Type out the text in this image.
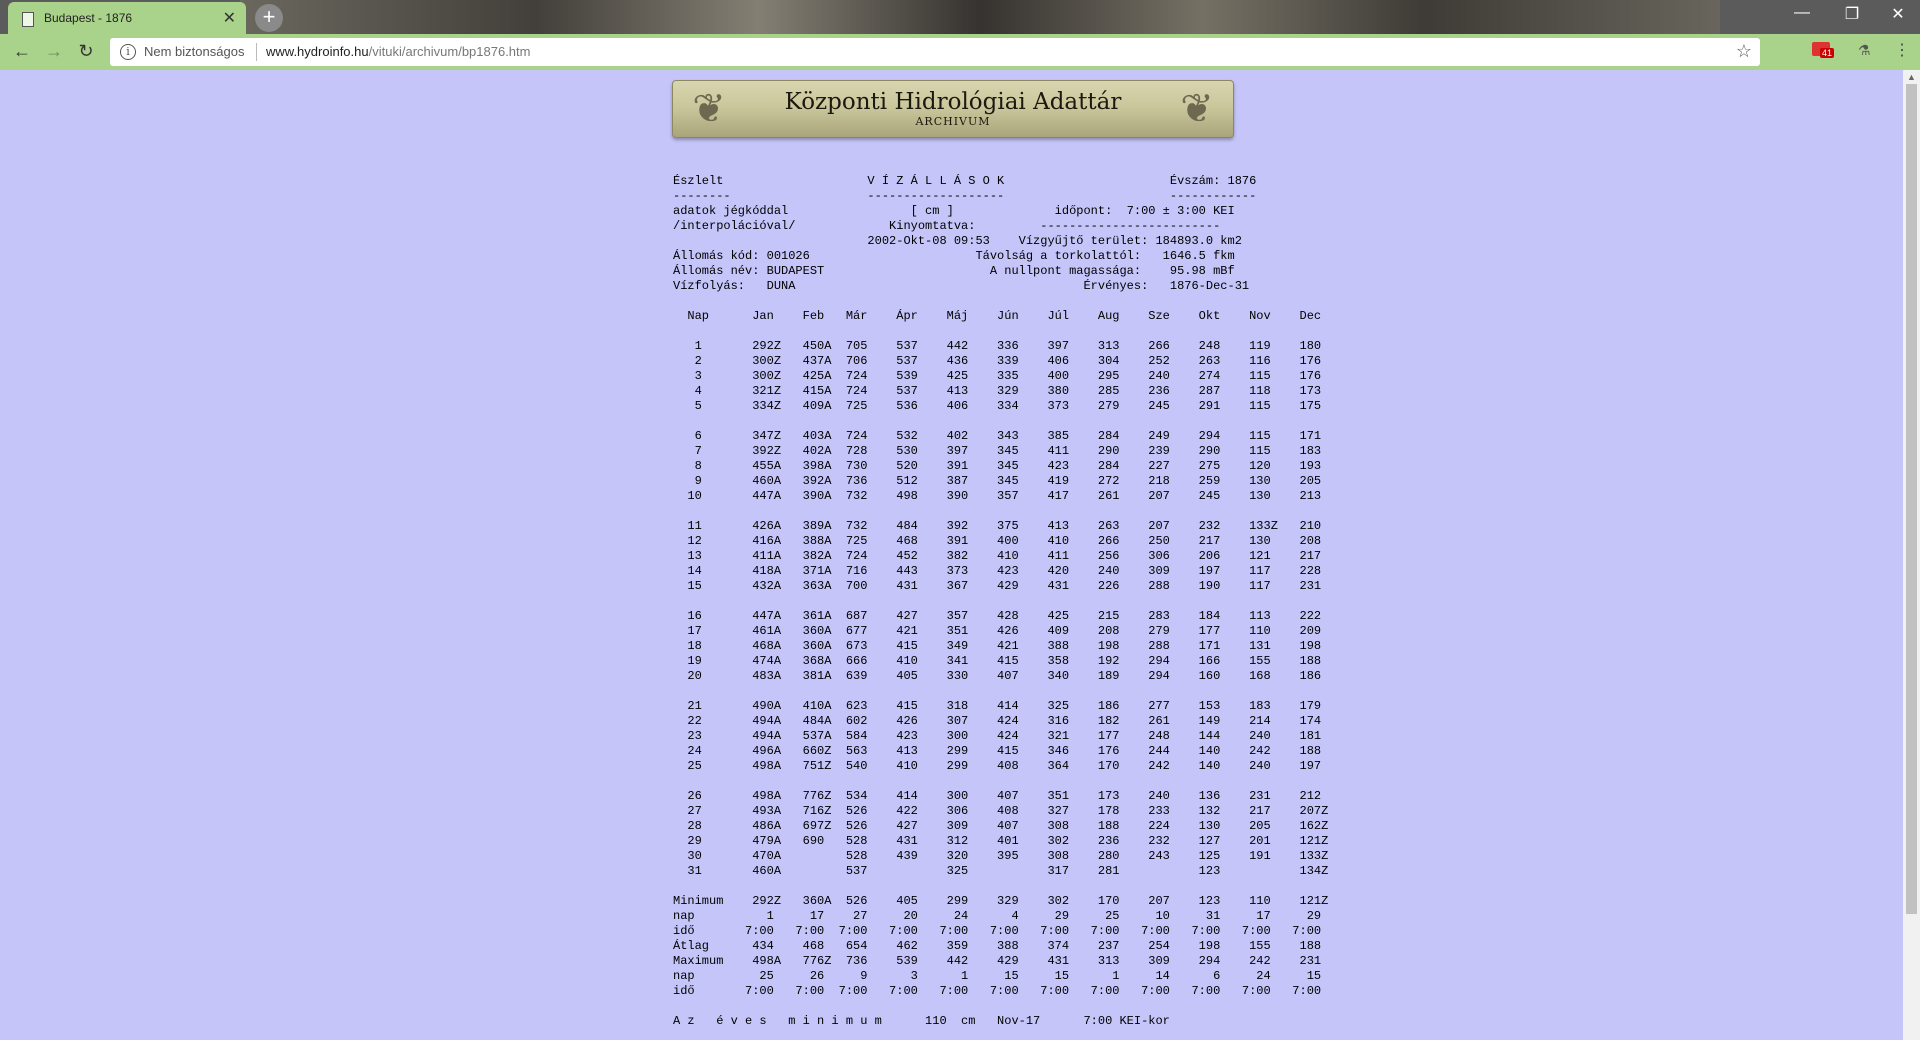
Budapest - 1876	✕	+	—	❐	✕
← → ↻	i	Nem biztonságos www.hydroinfo.hu/vituki/archivum/bp1876.htm	☆	41 ⚗	⋮
❦	❦
Központi Hidrológiai Adattár
ARCHIVUM
Észlelt                    V Í Z Á L L Á S O K                       Évszám: 1876
--------                   -------------------                       ------------
adatok jégkóddal                 [ cm ]              időpont:  7:00 ± 3:00 KEI
/interpolációval/             Kinyomtatva:         -------------------------
2002-Okt-08 09:53    Vízgyűjtő terület: 184893.0 km2
Állomás kód: 001026                       Távolság a torkolattól:   1646.5 fkm
Állomás név: BUDAPEST                       A nullpont magassága:    95.98 mBf
Vízfolyás:   DUNA                                        Érvényes:   1876-Dec-31

Nap      Jan    Feb   Már    Ápr    Máj    Jún    Júl    Aug    Sze    Okt    Nov    Dec

1       292Z   450A  705    537    442    336    397    313    266    248    119    180
2       300Z   437A  706    537    436    339    406    304    252    263    116    176
3       300Z   425A  724    539    425    335    400    295    240    274    115    176
4       321Z   415A  724    537    413    329    380    285    236    287    118    173
5       334Z   409A  725    536    406    334    373    279    245    291    115    175

6       347Z   403A  724    532    402    343    385    284    249    294    115    171
7       392Z   402A  728    530    397    345    411    290    239    290    115    183
8       455A   398A  730    520    391    345    423    284    227    275    120    193
9       460A   392A  736    512    387    345    419    272    218    259    130    205
10       447A   390A  732    498    390    357    417    261    207    245    130    213

11       426A   389A  732    484    392    375    413    263    207    232    133Z   210
12       416A   388A  725    468    391    400    410    266    250    217    130    208
13       411A   382A  724    452    382    410    411    256    306    206    121    217
14       418A   371A  716    443    373    423    420    240    309    197    117    228
15       432A   363A  700    431    367    429    431    226    288    190    117    231

16       447A   361A  687    427    357    428    425    215    283    184    113    222
17       461A   360A  677    421    351    426    409    208    279    177    110    209
18       468A   360A  673    415    349    421    388    198    288    171    131    198
19       474A   368A  666    410    341    415    358    192    294    166    155    188
20       483A   381A  639    405    330    407    340    189    294    160    168    186

21       490A   410A  623    415    318    414    325    186    277    153    183    179
22       494A   484A  602    426    307    424    316    182    261    149    214    174
23       494A   537A  584    423    300    424    321    177    248    144    240    181
24       496A   660Z  563    413    299    415    346    176    244    140    242    188
25       498A   751Z  540    410    299    408    364    170    242    140    240    197

26       498A   776Z  534    414    300    407    351    173    240    136    231    212
27       493A   716Z  526    422    306    408    327    178    233    132    217    207Z
28       486A   697Z  526    427    309    407    308    188    224    130    205    162Z
29       479A   690   528    431    312    401    302    236    232    127    201    121Z
30       470A         528    439    320    395    308    280    243    125    191    133Z
31       460A         537           325           317    281           123           134Z

Minimum    292Z   360A  526    405    299    329    302    170    207    123    110    121Z
nap          1     17    27     20     24      4     29     25     10     31     17     29
idő       7:00   7:00  7:00   7:00   7:00   7:00   7:00   7:00   7:00   7:00   7:00   7:00
Átlag      434    468   654    462    359    388    374    237    254    198    155    188
Maximum    498A   776Z  736    539    442    429    431    313    309    294    242    231
nap         25     26     9      3      1     15     15      1     14      6     24     15
idő       7:00   7:00  7:00   7:00   7:00   7:00   7:00   7:00   7:00   7:00   7:00   7:00

A z   é v e s   m i n i m u m      110  cm   Nov-17      7:00 KEI-kor
▲
